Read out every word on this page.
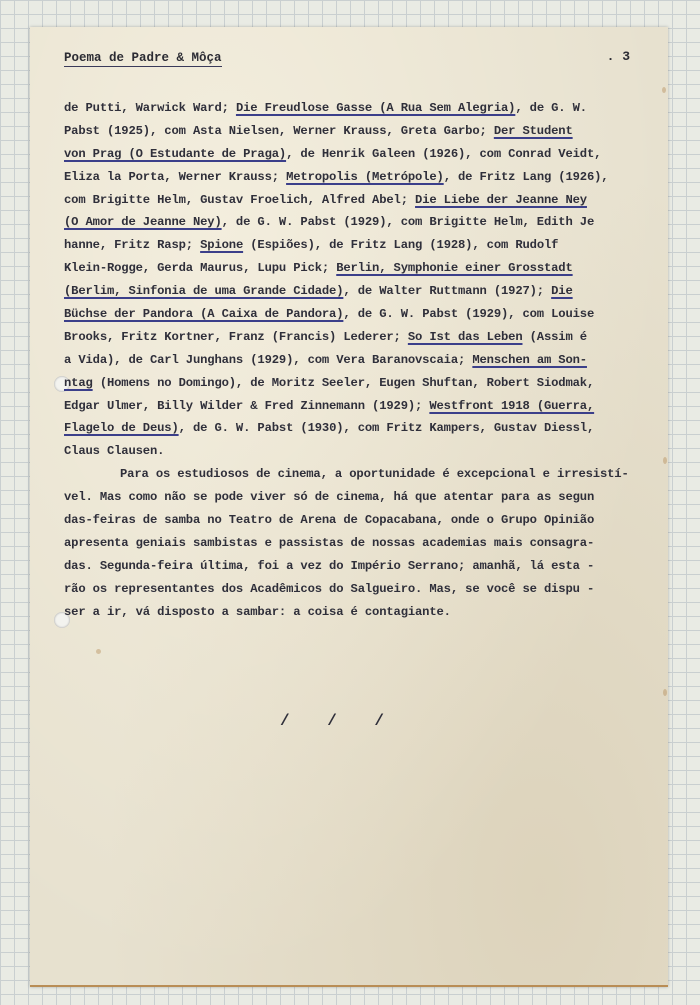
Poema de Padre & Môça	. 3
de Putti, Warwick Ward; Die Freudlose Gasse (A Rua Sem Alegria), de G. W.
Pabst (1925), com Asta Nielsen, Werner Krauss, Greta Garbo; Der Student
von Prag (O Estudante de Praga), de Henrik Galeen (1926), com Conrad Veidt,
Eliza la Porta, Werner Krauss; Metropolis (Metrópole), de Fritz Lang (1926),
com Brigitte Helm, Gustav Froelich, Alfred Abel; Die Liebe der Jeanne Ney
(O Amor de Jeanne Ney), de G. W. Pabst (1929), com Brigitte Helm, Edith Je
hanne, Fritz Rasp; Spione (Espiões), de Fritz Lang (1928), com Rudolf
Klein-Rogge, Gerda Maurus, Lupu Pick; Berlin, Symphonie einer Grosstadt
(Berlim, Sinfonia de uma Grande Cidade), de Walter Ruttmann (1927); Die
Büchse der Pandora (A Caixa de Pandora), de G. W. Pabst (1929), com Louise
Brooks, Fritz Kortner, Franz (Francis) Lederer; So Ist das Leben (Assim é
a Vida), de Carl Junghans (1929), com Vera Baranovscaia; Menschen am Son-
ntag (Homens no Domingo), de Moritz Seeler, Eugen Shuftan, Robert Siodmak,
Edgar Ulmer, Billy Wilder & Fred Zinnemann (1929); Westfront 1918 (Guerra,
Flagelo de Deus), de G. W. Pabst (1930), com Fritz Kampers, Gustav Diessl,
Claus Clausen.
Para os estudiosos de cinema, a oportunidade é excepcional e irresistí-
vel. Mas como não se pode viver só de cinema, há que atentar para as segun
das-feiras de samba no Teatro de Arena de Copacabana, onde o Grupo Opinião
apresenta geniais sambistas e passistas de nossas academias mais consagra-
das. Segunda-feira última, foi a vez do Império Serrano; amanhã, lá esta -
rão os representantes dos Acadêmicos do Salgueiro. Mas, se você se dispu -
ser a ir, vá disposto a sambar: a coisa é contagiante.
/ / /
